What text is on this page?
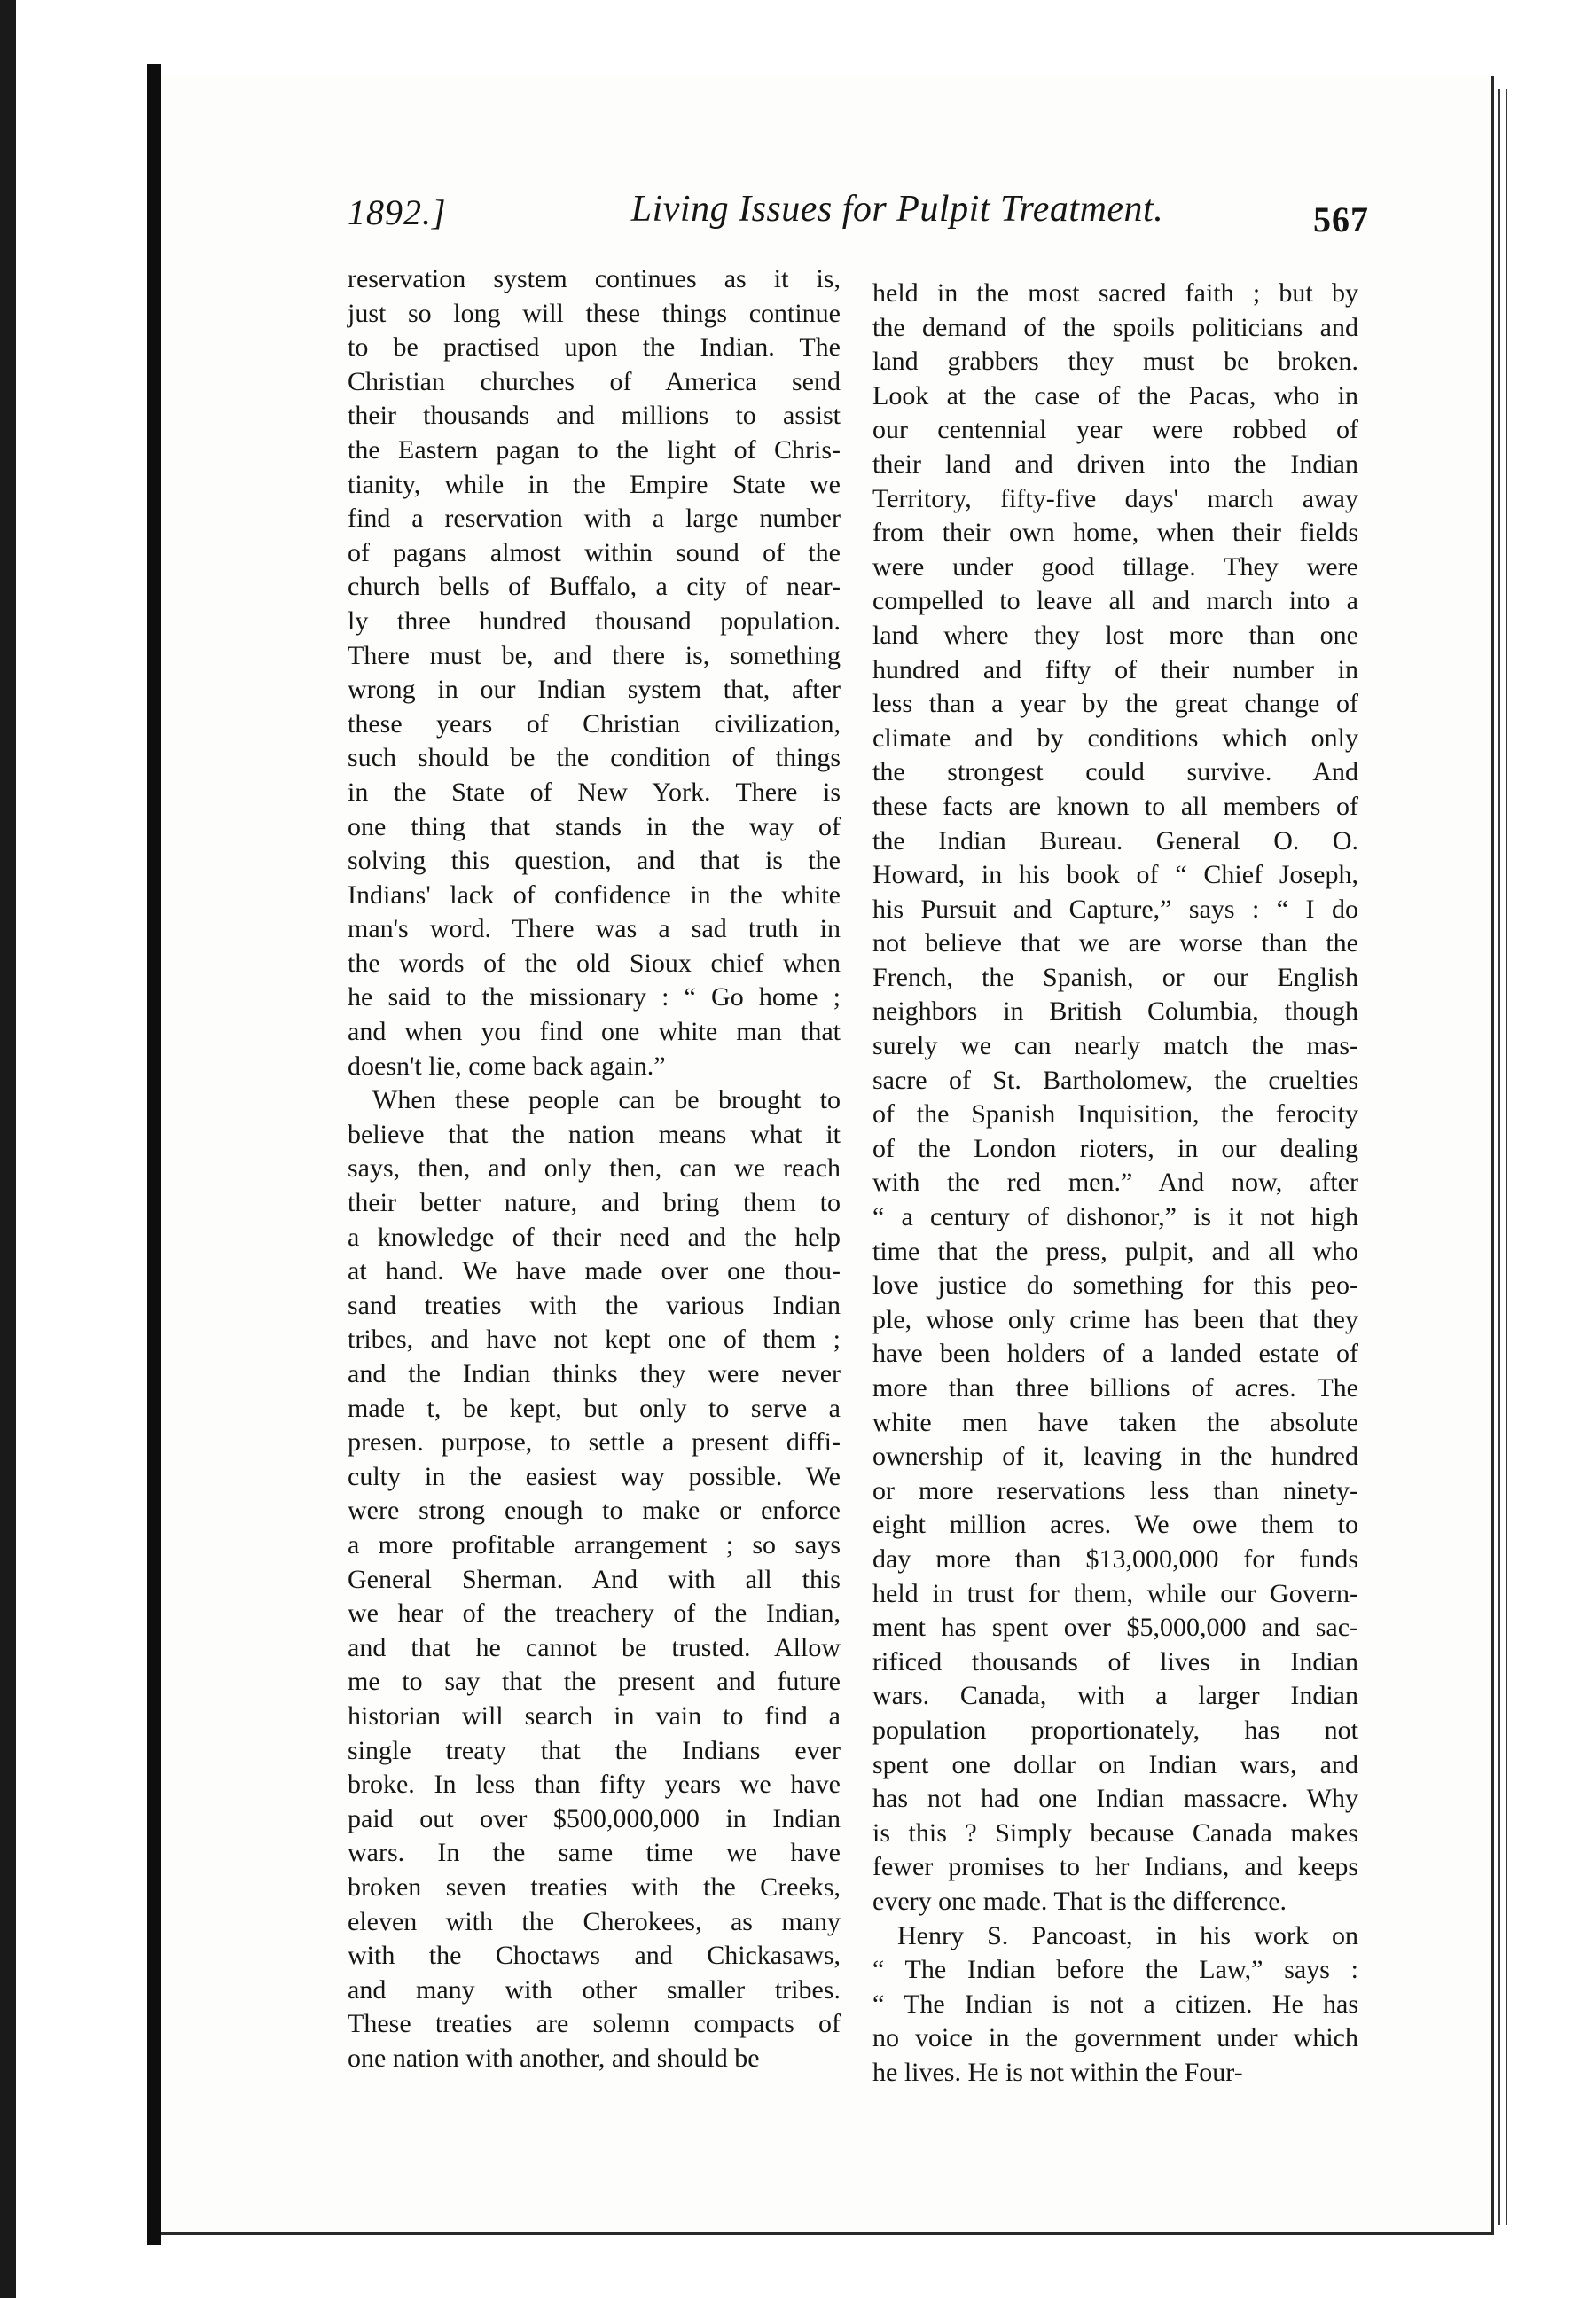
1892.]	Living Issues for Pulpit Treatment.	567
reservation system continues as it is,
just so long will these things continue
to be practised upon the Indian. The
Christian churches of America send
their thousands and millions to assist
the Eastern pagan to the light of Chris-
tianity, while in the Empire State we
find a reservation with a large number
of pagans almost within sound of the
church bells of Buffalo, a city of near-
ly three hundred thousand population.
There must be, and there is, something
wrong in our Indian system that, after
these years of Christian civilization,
such should be the condition of things
in the State of New York. There is
one thing that stands in the way of
solving this question, and that is the
Indians' lack of confidence in the white
man's word. There was a sad truth in
the words of the old Sioux chief when
he said to the missionary : “ Go home ;
and when you find one white man that
doesn't lie, come back again.”
When these people can be brought to
believe that the nation means what it
says, then, and only then, can we reach
their better nature, and bring them to
a knowledge of their need and the help
at hand. We have made over one thou-
sand treaties with the various Indian
tribes, and have not kept one of them ;
and the Indian thinks they were never
made t, be kept, but only to serve a
presen. purpose, to settle a present diffi-
culty in the easiest way possible. We
were strong enough to make or enforce
a more profitable arrangement ; so says
General Sherman. And with all this
we hear of the treachery of the Indian,
and that he cannot be trusted. Allow
me to say that the present and future
historian will search in vain to find a
single treaty that the Indians ever
broke. In less than fifty years we have
paid out over $500,000,000 in Indian
wars. In the same time we have
broken seven treaties with the Creeks,
eleven with the Cherokees, as many
with the Choctaws and Chickasaws,
and many with other smaller tribes.
These treaties are solemn compacts of
one nation with another, and should be
held in the most sacred faith ; but by
the demand of the spoils politicians and
land grabbers they must be broken.
Look at the case of the Pacas, who in
our centennial year were robbed of
their land and driven into the Indian
Territory, fifty-five days' march away
from their own home, when their fields
were under good tillage. They were
compelled to leave all and march into a
land where they lost more than one
hundred and fifty of their number in
less than a year by the great change of
climate and by conditions which only
the strongest could survive. And
these facts are known to all members of
the Indian Bureau. General O. O.
Howard, in his book of “ Chief Joseph,
his Pursuit and Capture,” says : “ I do
not believe that we are worse than the
French, the Spanish, or our English
neighbors in British Columbia, though
surely we can nearly match the mas-
sacre of St. Bartholomew, the cruelties
of the Spanish Inquisition, the ferocity
of the London rioters, in our dealing
with the red men.” And now, after
“ a century of dishonor,” is it not high
time that the press, pulpit, and all who
love justice do something for this peo-
ple, whose only crime has been that they
have been holders of a landed estate of
more than three billions of acres. The
white men have taken the absolute
ownership of it, leaving in the hundred
or more reservations less than ninety-
eight million acres. We owe them to
day more than $13,000,000 for funds
held in trust for them, while our Govern-
ment has spent over $5,000,000 and sac-
rificed thousands of lives in Indian
wars. Canada, with a larger Indian
population proportionately, has not
spent one dollar on Indian wars, and
has not had one Indian massacre. Why
is this ? Simply because Canada makes
fewer promises to her Indians, and keeps
every one made. That is the difference.
Henry S. Pancoast, in his work on
“ The Indian before the Law,” says :
“ The Indian is not a citizen. He has
no voice in the government under which
he lives. He is not within the Four-
